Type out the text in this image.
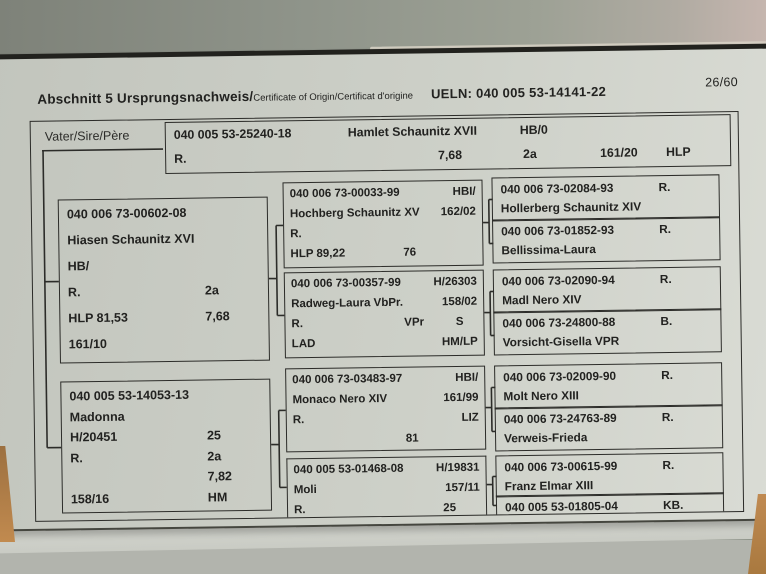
Abschnitt 5 Ursprungsnachweis/Certificate of Origin/Certificat d'origine UELN: 040 005 53-14141-22
26/60
Vater/Sire/Père	040 005 53-25240-18	Hamlet Schaunitz XVII	HB/0
R.	7,68	2a	161/20 HLP
040 006 73-00602-08
Hiasen Schaunitz XVI
HB/
R.	2a
HLP 81,53	7,68
161/10
040 005 53-14053-13
Madonna
H/20451	25
R.	2a
7,82
158/16	HM
040 006 73-00033-99	HBI/
Hochberg Schaunitz XV 162/02
R.
HLP 89,22	76
040 006 73-00357-99	H/26303
Radweg-Laura VbPr.	158/02
R.	VPr	S
LAD	HM/LP
040 006 73-03483-97	HBI/
Monaco Nero XIV	161/99
R.	LIZ
81
040 005 53-01468-08	H/19831
Moli	157/11
R.	25
040 006 73-02084-93	R.
Hollerberg Schaunitz XIV
040 006 73-01852-93	R.
Bellissima-Laura
040 006 73-02090-94	R.
Madl Nero XIV
040 006 73-24800-88	B.
Vorsicht-Gisella VPR
040 006 73-02009-90	R.
Molt Nero XIII
040 006 73-24763-89	R.
Verweis-Frieda
040 006 73-00615-99	R.
Franz Elmar XIII
040 005 53-01805-04	KB.
